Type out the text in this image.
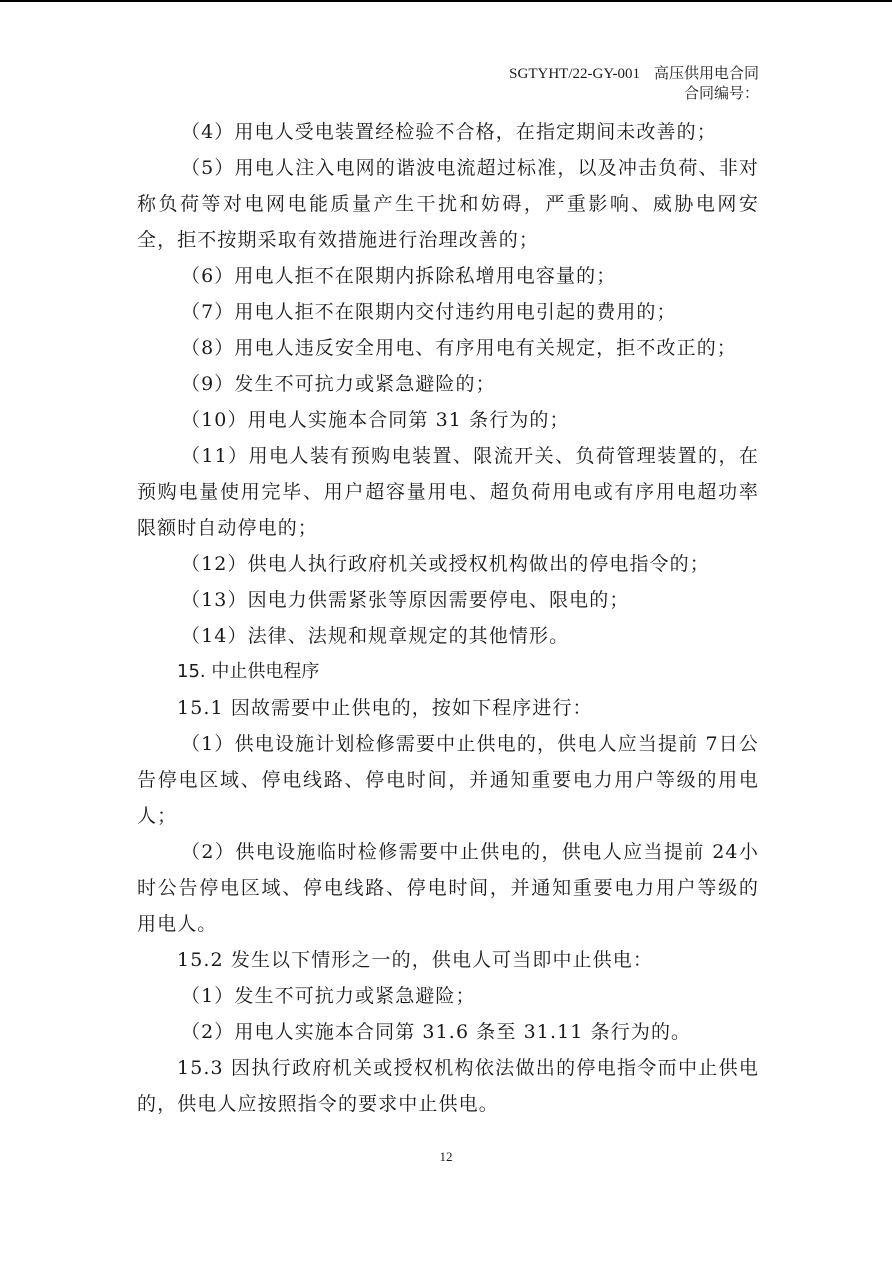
SGTYHT/22-GY-001 高压供用电合同
合同编号：

（4）用电人受电装置经检验不合格，在指定期间未改善的；

（5）用电人注入电网的谐波电流超过标准，以及冲击负荷、非对称负荷等对电网电能质量产生干扰和妨碍，严重影响、威胁电网安全，拒不按期采取有效措施进行治理改善的；

（6）用电人拒不在限期内拆除私增用电容量的；

（7）用电人拒不在限期内交付违约用电引起的费用的；

（8）用电人违反安全用电、有序用电有关规定，拒不改正的；

（9）发生不可抗力或紧急避险的；

（10）用电人实施本合同第 31 条行为的；

（11）用电人装有预购电装置、限流开关、负荷管理装置的，在预购电量使用完毕、用户超容量用电、超负荷用电或有序用电超功率限额时自动停电的；

（12）供电人执行政府机关或授权机构做出的停电指令的；

（13）因电力供需紧张等原因需要停电、限电的；

（14）法律、法规和规章规定的其他情形。

15. 中止供电程序

15.1 因故需要中止供电的，按如下程序进行：

（1）供电设施计划检修需要中止供电的，供电人应当提前 7日公告停电区域、停电线路、停电时间，并通知重要电力用户等级的用电人；

（2）供电设施临时检修需要中止供电的，供电人应当提前 24小时公告停电区域、停电线路、停电时间，并通知重要电力用户等级的用电人。

15.2 发生以下情形之一的，供电人可当即中止供电：

（1）发生不可抗力或紧急避险；

（2）用电人实施本合同第 31.6 条至 31.11 条行为的。

15.3 因执行政府机关或授权机构依法做出的停电指令而中止供电的，供电人应按照指令的要求中止供电。

12
